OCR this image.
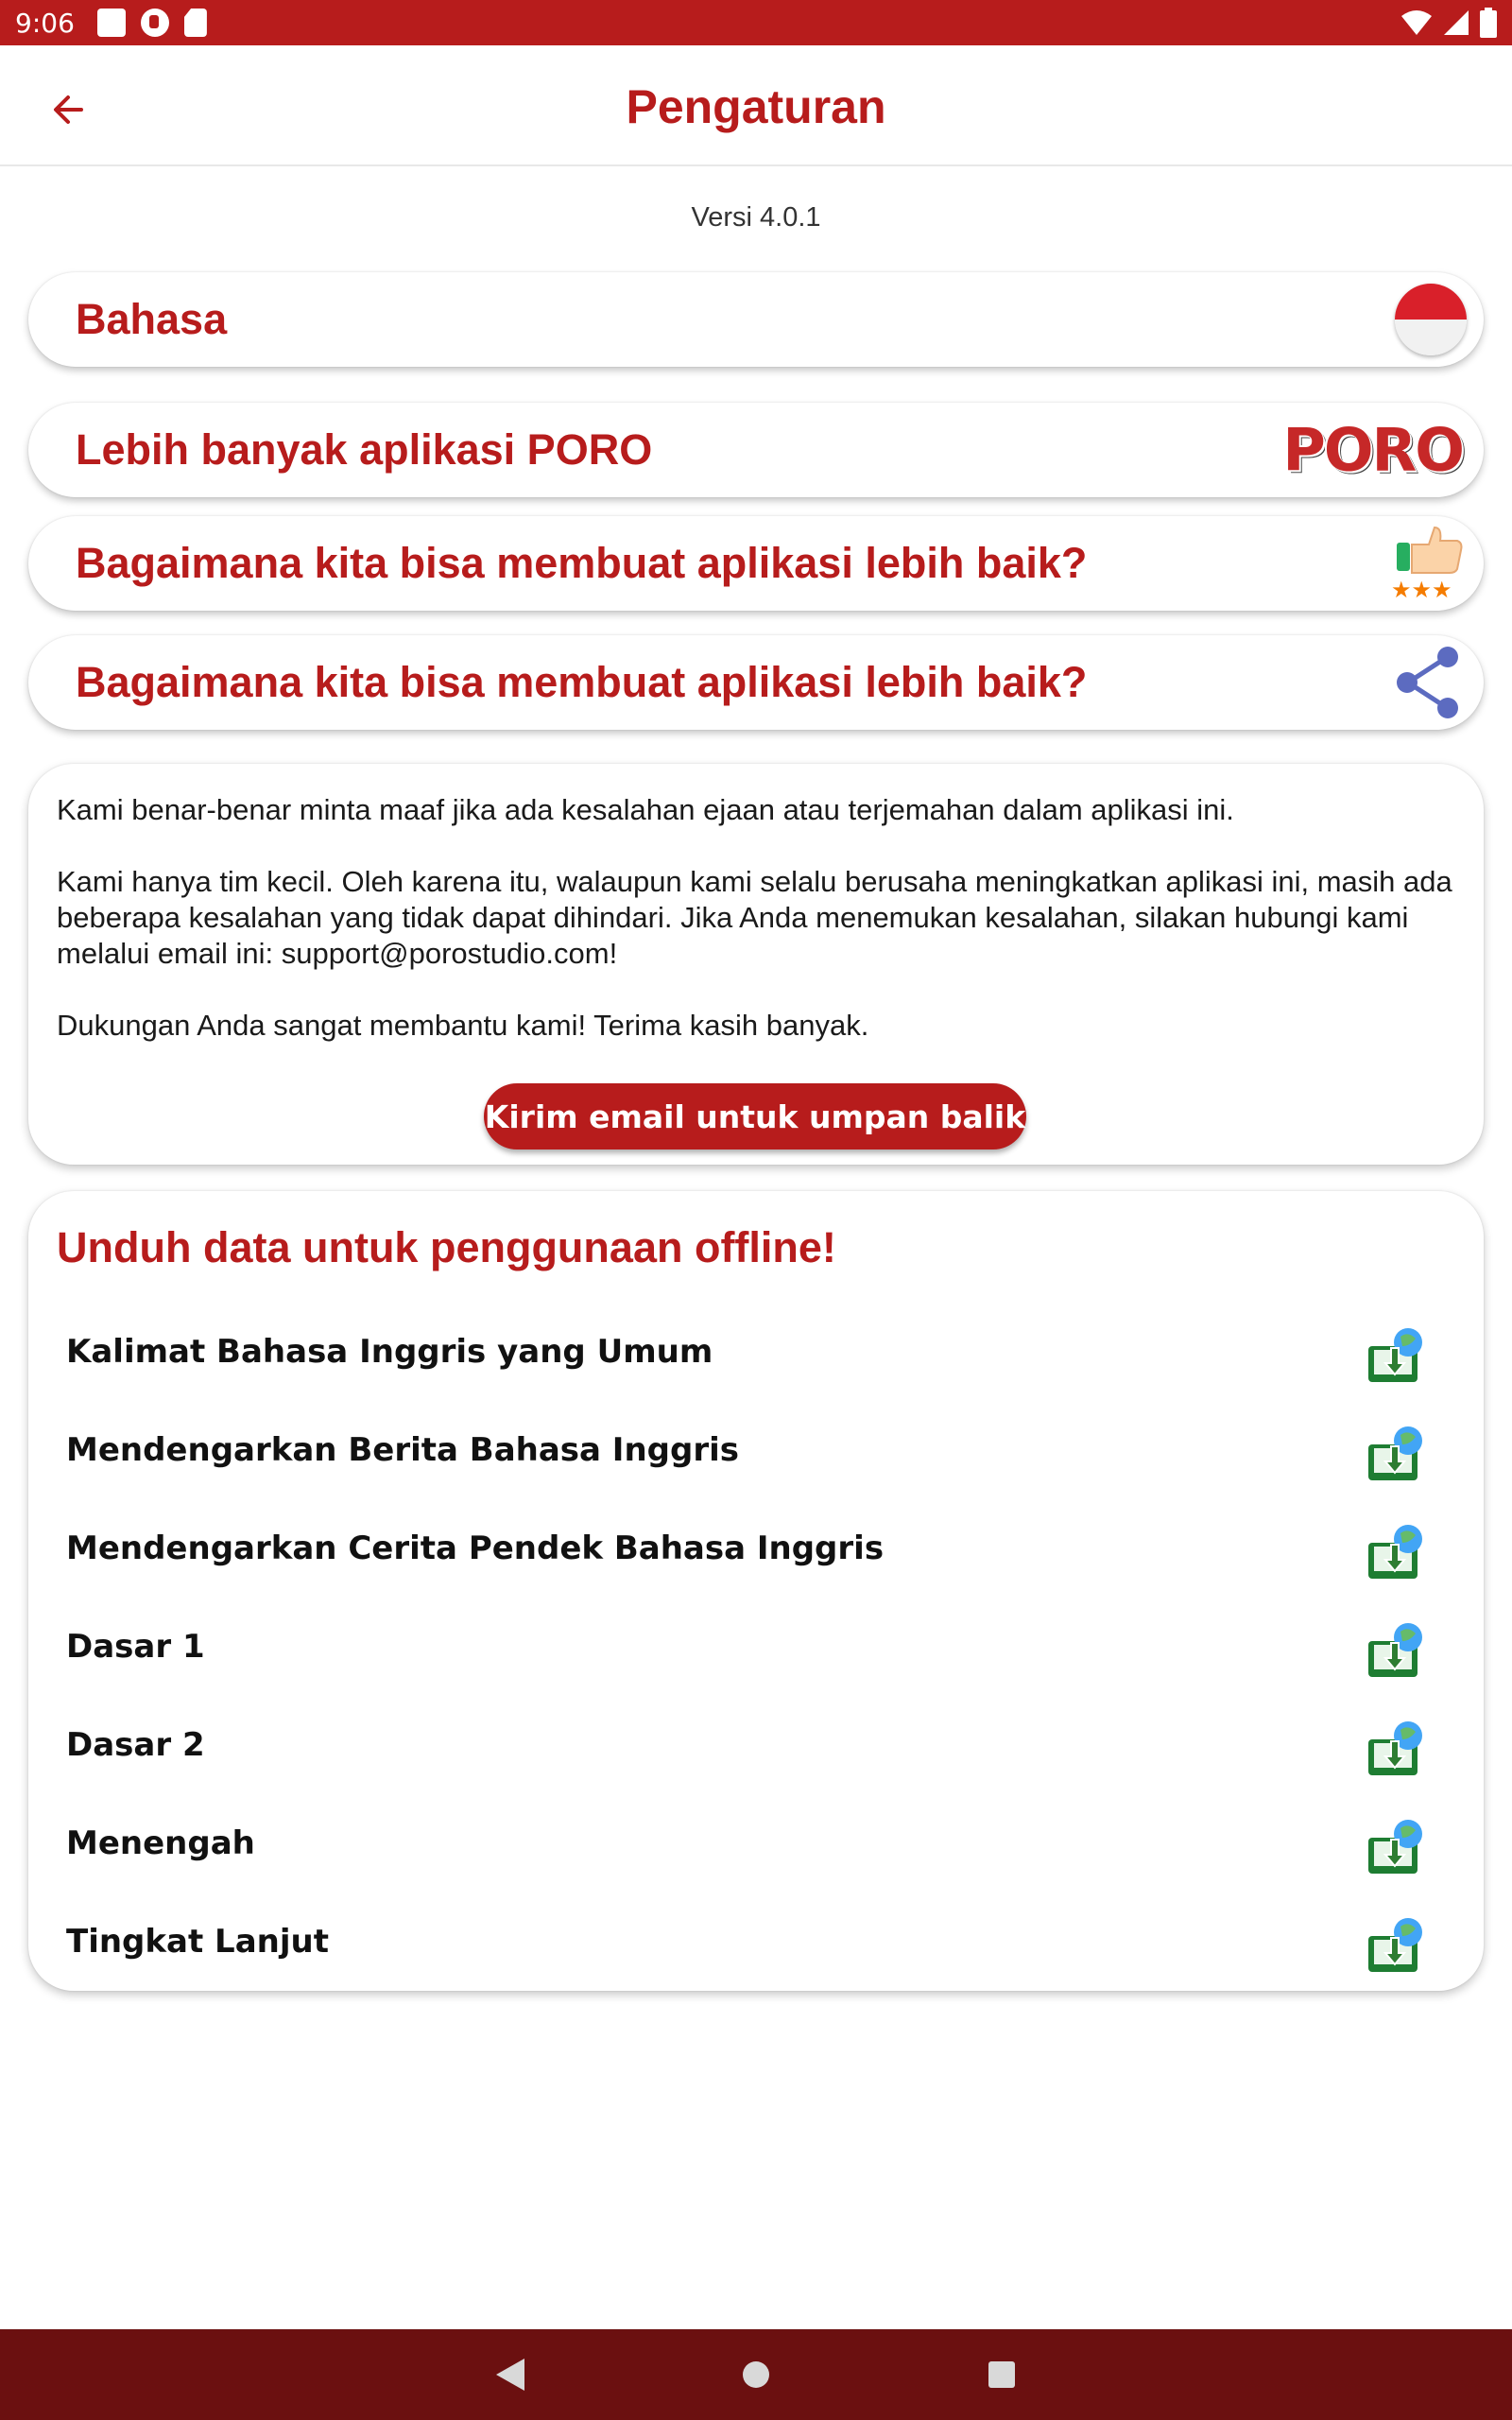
9:06
Pengaturan
Versi 4.0.1
Bahasa
Lebih banyak aplikasi PORO	PORO
Bagaimana kita bisa membuat aplikasi lebih baik?
★★★
Bagaimana kita bisa membuat aplikasi lebih baik?

Kami benar-benar minta maaf jika ada kesalahan ejaan atau terjemahan dalam aplikasi ini.

Kami hanya tim kecil. Oleh karena itu, walaupun kami selalu berusaha meningkatkan aplikasi ini, masih ada beberapa kesalahan yang tidak dapat dihindari. Jika Anda menemukan kesalahan, silakan hubungi kami melalui email ini: support@porostudio.com!

Dukungan Anda sangat membantu kami! Terima kasih banyak.

Kirim email untuk umpan balik
Unduh data untuk penggunaan offline!
Kalimat Bahasa Inggris yang Umum
Mendengarkan Berita Bahasa Inggris
Mendengarkan Cerita Pendek Bahasa Inggris
Dasar 1
Dasar 2
Menengah
Tingkat Lanjut
